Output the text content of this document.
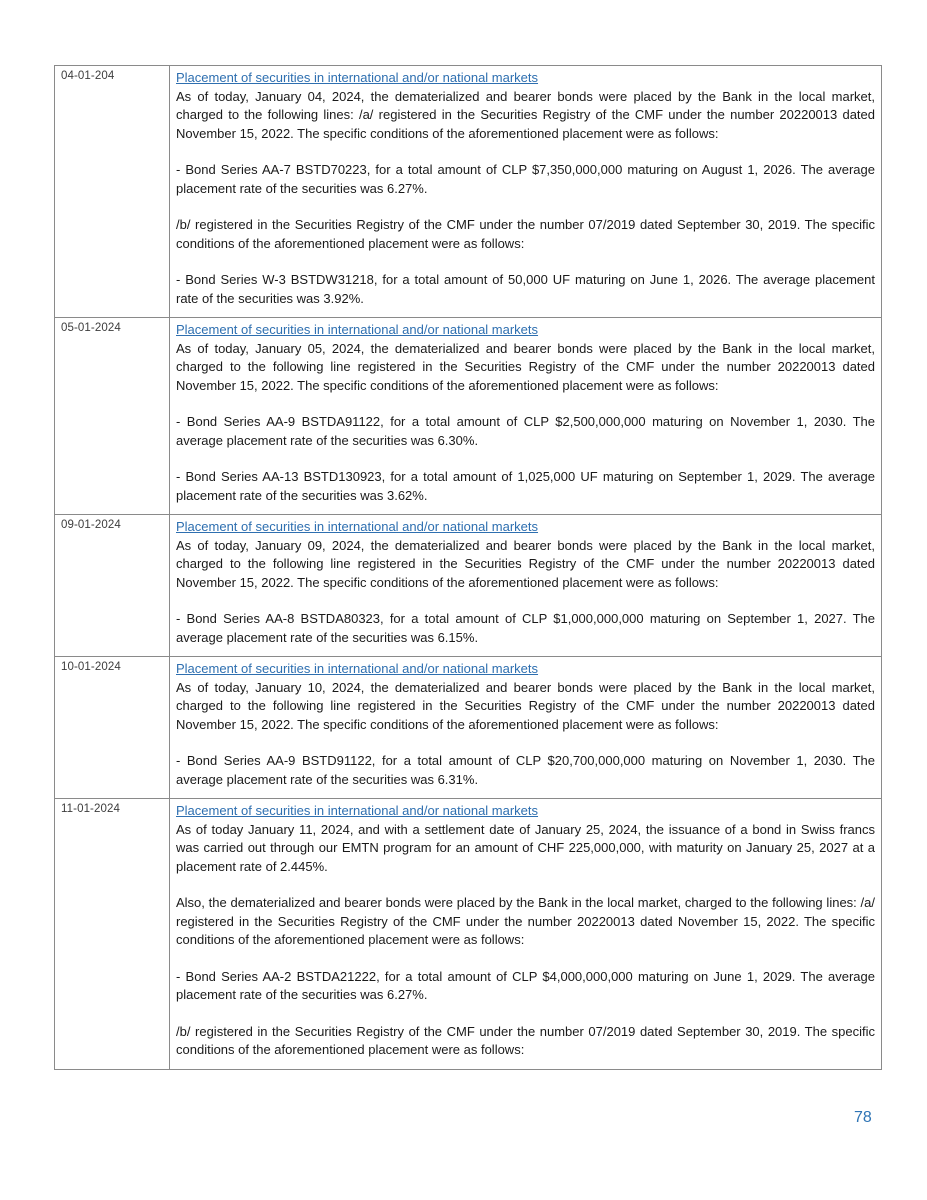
04-01-204	Placement of securities in international and/or national markets

As of today, January 04, 2024, the dematerialized and bearer bonds were placed by the Bank in the local market, charged to the following lines: /a/ registered in the Securities Registry of the CMF under the number 20220013 dated November 15, 2022. The specific conditions of the aforementioned placement were as follows:

- Bond Series AA-7 BSTD70223, for a total amount of CLP $7,350,000,000 maturing on August 1, 2026. The average placement rate of the securities was 6.27%.

/b/ registered in the Securities Registry of the CMF under the number 07/2019 dated September 30, 2019. The specific conditions of the aforementioned placement were as follows:

- Bond Series W-3 BSTDW31218, for a total amount of 50,000 UF maturing on June 1, 2026. The average placement rate of the securities was 3.92%.

05-01-2024	Placement of securities in international and/or national markets

As of today, January 05, 2024, the dematerialized and bearer bonds were placed by the Bank in the local market, charged to the following line registered in the Securities Registry of the CMF under the number 20220013 dated November 15, 2022. The specific conditions of the aforementioned placement were as follows:

- Bond Series AA-9 BSTDA91122, for a total amount of CLP $2,500,000,000 maturing on November 1, 2030. The average placement rate of the securities was 6.30%.

- Bond Series AA-13 BSTD130923, for a total amount of 1,025,000 UF maturing on September 1, 2029. The average placement rate of the securities was 3.62%.

09-01-2024	Placement of securities in international and/or national markets

As of today, January 09, 2024, the dematerialized and bearer bonds were placed by the Bank in the local market, charged to the following line registered in the Securities Registry of the CMF under the number 20220013 dated November 15, 2022. The specific conditions of the aforementioned placement were as follows:

- Bond Series AA-8 BSTDA80323, for a total amount of CLP $1,000,000,000 maturing on September 1, 2027. The average placement rate of the securities was 6.15%.

10-01-2024	Placement of securities in international and/or national markets

As of today, January 10, 2024, the dematerialized and bearer bonds were placed by the Bank in the local market, charged to the following line registered in the Securities Registry of the CMF under the number 20220013 dated November 15, 2022. The specific conditions of the aforementioned placement were as follows:

- Bond Series AA-9 BSTD91122, for a total amount of CLP $20,700,000,000 maturing on November 1, 2030. The average placement rate of the securities was 6.31%.

11-01-2024	Placement of securities in international and/or national markets

As of today January 11, 2024, and with a settlement date of January 25, 2024, the issuance of a bond in Swiss francs was carried out through our EMTN program for an amount of CHF 225,000,000, with maturity on January 25, 2027 at a placement rate of 2.445%.

Also, the dematerialized and bearer bonds were placed by the Bank in the local market, charged to the following lines: /a/ registered in the Securities Registry of the CMF under the number 20220013 dated November 15, 2022. The specific conditions of the aforementioned placement were as follows:

- Bond Series AA-2 BSTDA21222, for a total amount of CLP $4,000,000,000 maturing on June 1, 2029. The average placement rate of the securities was 6.27%.

/b/ registered in the Securities Registry of the CMF under the number 07/2019 dated September 30, 2019. The specific conditions of the aforementioned placement were as follows:

78
